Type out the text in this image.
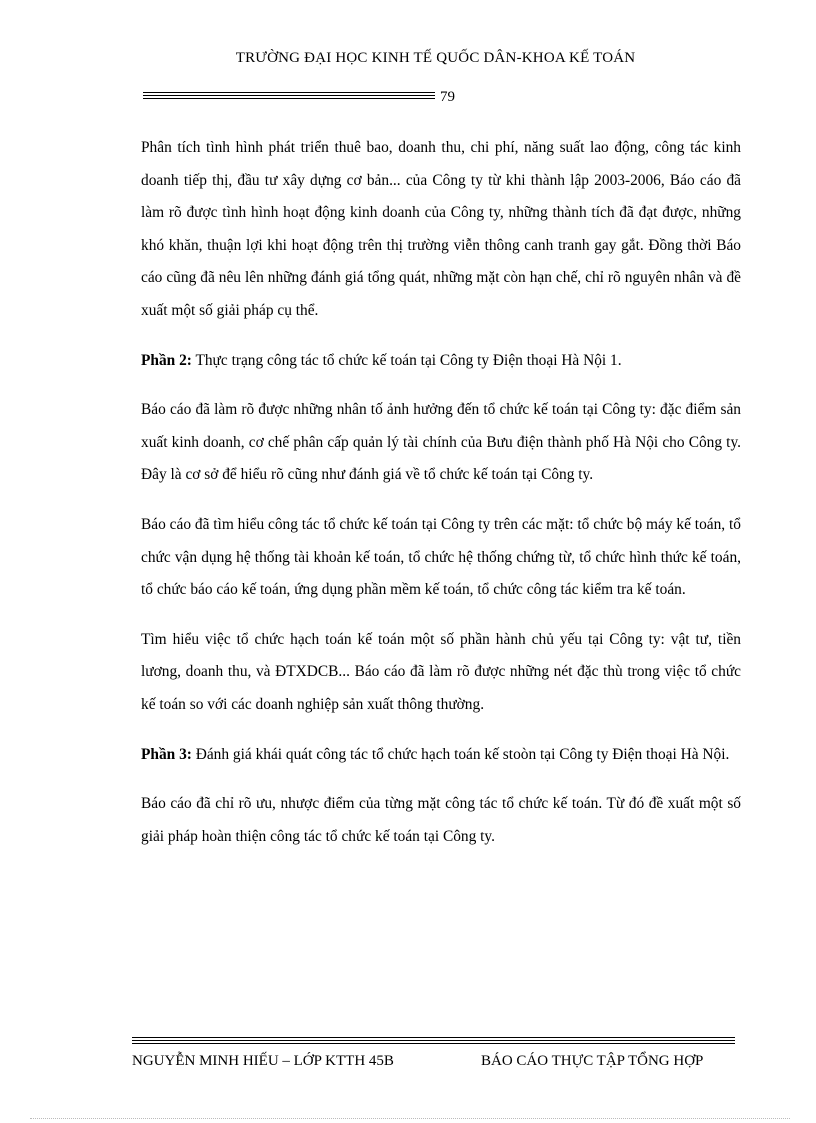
TRƯỜNG ĐẠI HỌC KINH TẾ QUỐC DÂN-KHOA KẾ TOÁN
79

Phân tích tình hình phát triển thuê bao, doanh thu, chi phí, năng suất lao động, công tác kinh doanh tiếp thị, đầu tư xây dựng cơ bản... của Công ty từ khi thành lập 2003-2006, Báo cáo đã làm rõ được tình hình hoạt động kinh doanh của Công ty, những thành tích đã đạt được, những khó khăn, thuận lợi khi hoạt động trên thị trường viễn thông canh tranh gay gắt. Đồng thời Báo cáo cũng đã nêu lên những đánh giá tổng quát, những mặt còn hạn chế, chỉ rõ nguyên nhân và đề xuất một số giải pháp cụ thể.

Phần 2: Thực trạng công tác tổ chức kế toán tại Công ty Điện thoại Hà Nội 1.

Báo cáo đã làm rõ được những nhân tố ảnh hưởng đến tổ chức kế toán tại Công ty: đặc điểm sản xuất kinh doanh, cơ chế phân cấp quản lý tài chính của Bưu điện thành phố Hà Nội cho Công ty. Đây là cơ sở để hiểu rõ cũng như đánh giá về tổ chức kế toán tại Công ty.

Báo cáo đã tìm hiểu công tác tổ chức kế toán tại Công ty trên các mặt: tổ chức bộ máy kế toán, tổ chức vận dụng hệ thống tài khoản kế toán, tổ chức hệ thống chứng từ, tổ chức hình thức kế toán, tổ chức báo cáo kế toán, ứng dụng phần mềm kế toán, tổ chức công tác kiểm tra kế toán.

Tìm hiểu việc tổ chức hạch toán kế toán một số phần hành chủ yếu tại Công ty: vật tư, tiền lương, doanh thu, và ĐTXDCB... Báo cáo đã làm rõ được những nét đặc thù trong việc tổ chức kế toán so với các doanh nghiệp sản xuất thông thường.

Phần 3: Đánh giá khái quát công tác tổ chức hạch toán kế stoòn tại Công ty Điện thoại Hà Nội.

Báo cáo đã chỉ rõ ưu, nhược điểm của từng mặt công tác tổ chức kế toán. Từ đó đề xuất một số giải pháp hoàn thiện công tác tổ chức kế toán tại Công ty.

NGUYỄN MINH HIẾU – LỚP KTTH 45B	BÁO CÁO THỰC TẬP TỔNG HỢP
